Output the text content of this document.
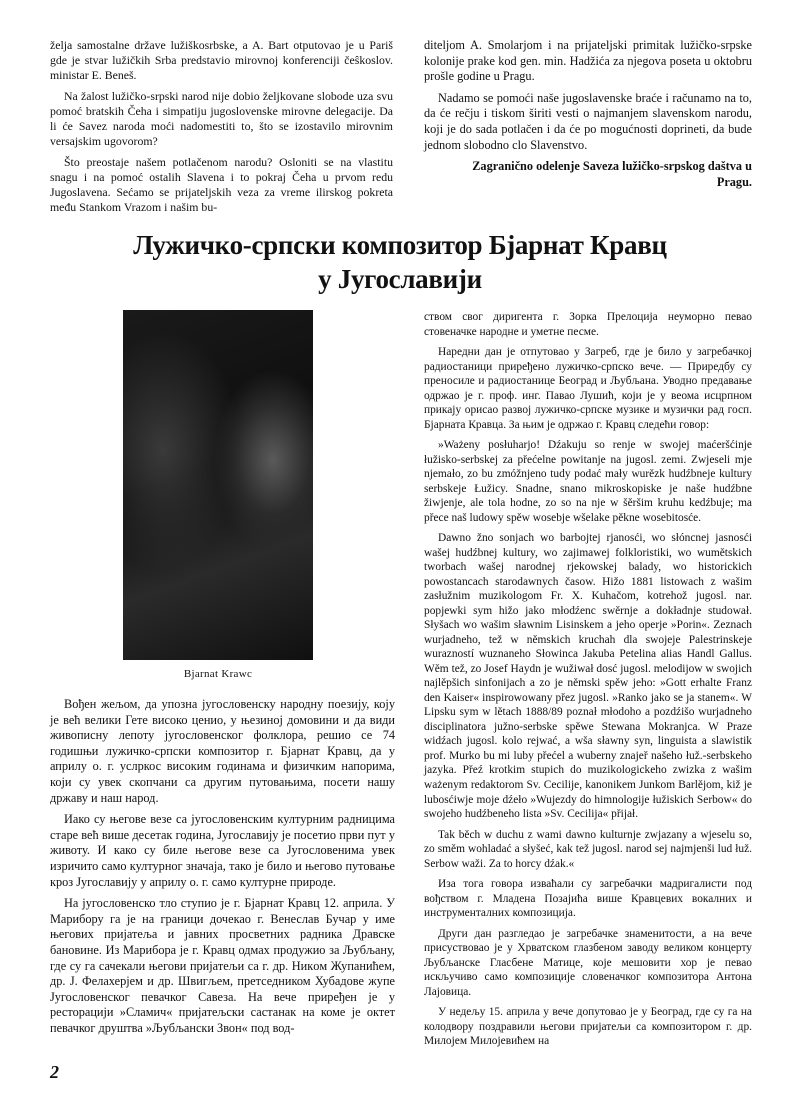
želja samostalne države lužiškosrbske, a A. Bart otputovao je u Pariš gde je stvar lužičkih Srba predstavio mirovnoj konferenciji čeŝkoslov. ministar E. Beneš.

Na žalost lužičko-srpski narod nije dobio željkovanе slobode uza svu pomoć bratskih Čeha i simpatiju jugoslovenske mirovne delegacije. Da li će Savez naroda moći nadomestiti to, što se izostavilo mirovnim versajskim ugovorom?

Što preostaje našem potlačenom narodu? Osloniti se na vlastitu snagu i na pomoć ostalih Slavena i to pokraj Čeha u prvom redu Jugoslavena. Sećamo se prijateljskih veza za vreme ilirskog pokreta među Stankom Vrazom i našim bu-

diteljom A. Smolarjom i na prijateljski primitak lužičko-srpske kolonije prake kod gen. min. Hadžića za njegova poseta u oktobru prošle godine u Pragu.

Nadamo se pomoći naše jugoslavenske braće i računamo na to, da će rečju i tiskom širiti vesti o najmanjem slavenskom narodu, koji je do sada potlačen i da će po mogućnosti doprineti, da bude jednom slobodno clo Slavenstvo.

Zagranično odelenje Saveza lužičko-srpskog daštva u Pragu.

Лужичко-српски композитор Бјарнат Кравц
у Југославији
Bjarnat Krawc

Вођен жељом, да упозна југословенску народну поезију, коју је већ велики Гете високо ценио, у њезиној домовини и да види живописну лепоту југословенског фолклора, решио се 74 годишњи лужичко-српски композитор г. Бјарнат Кравц, да у априлу о. г. услркос високим годинама и физичким напорима, који су увек скопчани са другим путовањима, посети нашу државу и наш народ.

Иако су његове везе са југословенским културним радницима старе већ више десетак година, Југославију је посетио први пут у животу. И како су биле његове везе са Југословенима увек изричито само културног значаја, тако је било и његово путовање кроз Југославију у априлу о. г. само културне природе.

На југословенско тло ступио је г. Бјарнат Кравц 12. априла. У Марибору га је на граници дочекао г. Венеслав Бучар у име његових пријатеља и јавних просветних радника Дравске бановине. Из Марибора је г. Кравц одмах продужио за Љубљану, где су га сачекали његови пријатељи са г. др. Никoм Жупанићем, др. Ј. Фелахерјем и др. Швигљем, претседником Хубадове жупе Југословенског певачког Савеза. На вече приређен је у ресторацији »Сламич« пријатељски састанак на коме је октет певачког друштва »Љубљански Звон« под вод-

ством свог диригента г. Зорка Прелоција неуморно певао стовеначке народне и уметне песме.

Наредни дан је отпутовао у Загреб, где је било у загребачкој радиостаници приређено лужичко-српско вече. — Приредбу су преносиле и радиостанице Београд и Љубљана. Уводно предавање одржао је г. проф. инг. Павао Лушић, који је у веома исцрпном прикају орисао развој лужичко-српске музике и музички рад госп. Бјарната Кравца. За њим је одржао г. Кравц следећи говор:

»Ważeny posłuharjo! Dźakuju so renje w swojej maćeršćinje łužisko-serbskej za přećelne powitanje na jugosl. zemi. Zwjeseli mje njemało, zo bu zmóžnjeno tudy podać mały wurězk hudźbnеje kultury serbskeje Łužicy. Snadne, snano mikroskopiske je naše hudźbne žiwjenje, ale tola hodne, zo so na nje w šěršim kruhu kedźbuje; ma přece naš ludowy spěw wosebje wšelake pěkne wosebitosće.

Dawno žno sonjach wo barbojtej rjanosći, wo słóncnej jasnosći wašej hudźbnej kultury, wo zajimawej folkloristiki, wo wumětskich tworbach wašej narodnej rjekowskej balady, wo historickich powostancach starodawnych časow. Hižo 1881 listowach z wašim zasłužnim muzikologom Fr. X. Kuhačom, kotrehož jugosl. nar. popjewki sym hižo jako młodźenc swěrnje a dokładnje studował. Słyšach wo wašim sławnim Lisinskem a jeho operje »Porin«. Zeznach wurjadnеho, tež w němskich kruchah dla swojeje Palestrinskeje wurazností wuznaneho Słowinca Jakuba Petelina alias Handl Gallus. Wěm tež, zo Josef Haydn je wužiwał dosć jugosl. melodijow w swojich najlěpšich sinfonijach a zo je němski spěw jeho: »Gott erhalte Franz den Kaiser« inspirowowany přez jugosl. »Ranko jako se ja stanem«. W Lipsku sym w lětach 1888/89 poznał młodoho a pozdźišo wurjadneho disciplinatora južno-serbske spěwe Stewana Mokranjca. W Praze widźach jugosl. kolo rejwać, a wšа sławny syn, linguista a slawistik prof. Murko bu mi luby přećel a wuberny znajeř našeho łuž.-serbskeho jazyka. Přeź krotkim stupich do muzikologickeho zwizka z wašim ważenym redaktorom Sv. Cecilije, kanonikem Junkom Barlějom, kiž je lubosćiwje moje dźeło »Wujezdy do himnologije łužiskich Serbow« do swojeho hudźbeneho lista »Sv. Cecilija« přijał.

Tak běch w duchu z wami dawno kulturnje zwjazany a wjeselu so, zo směm wohladać a słyšeć, kak tež jugosl. narod sej najmjenši lud łuž. Serbow waži. Za to horcy dźak.«

Иза тога говора изваћали су загребачки мадригалисти под вођством г. Младена Позајића више Кравцевих вокалних и инструменталних композиција.

Други дан разгледао је загребачке знаменитости, а на вече присуствовао је у Хрватском глазбеном заводу великом концерту Љубљанске Глaсбене Матице, које мешовити хор је певао искључиво само композиције словеначког композитора Антона Лајовица.

У недељу 15. априла у вече допутовао је у Београд, где су га на колодвору поздравили његови пријатељи са композитором г. др. Милојем Милојевићем на

2
